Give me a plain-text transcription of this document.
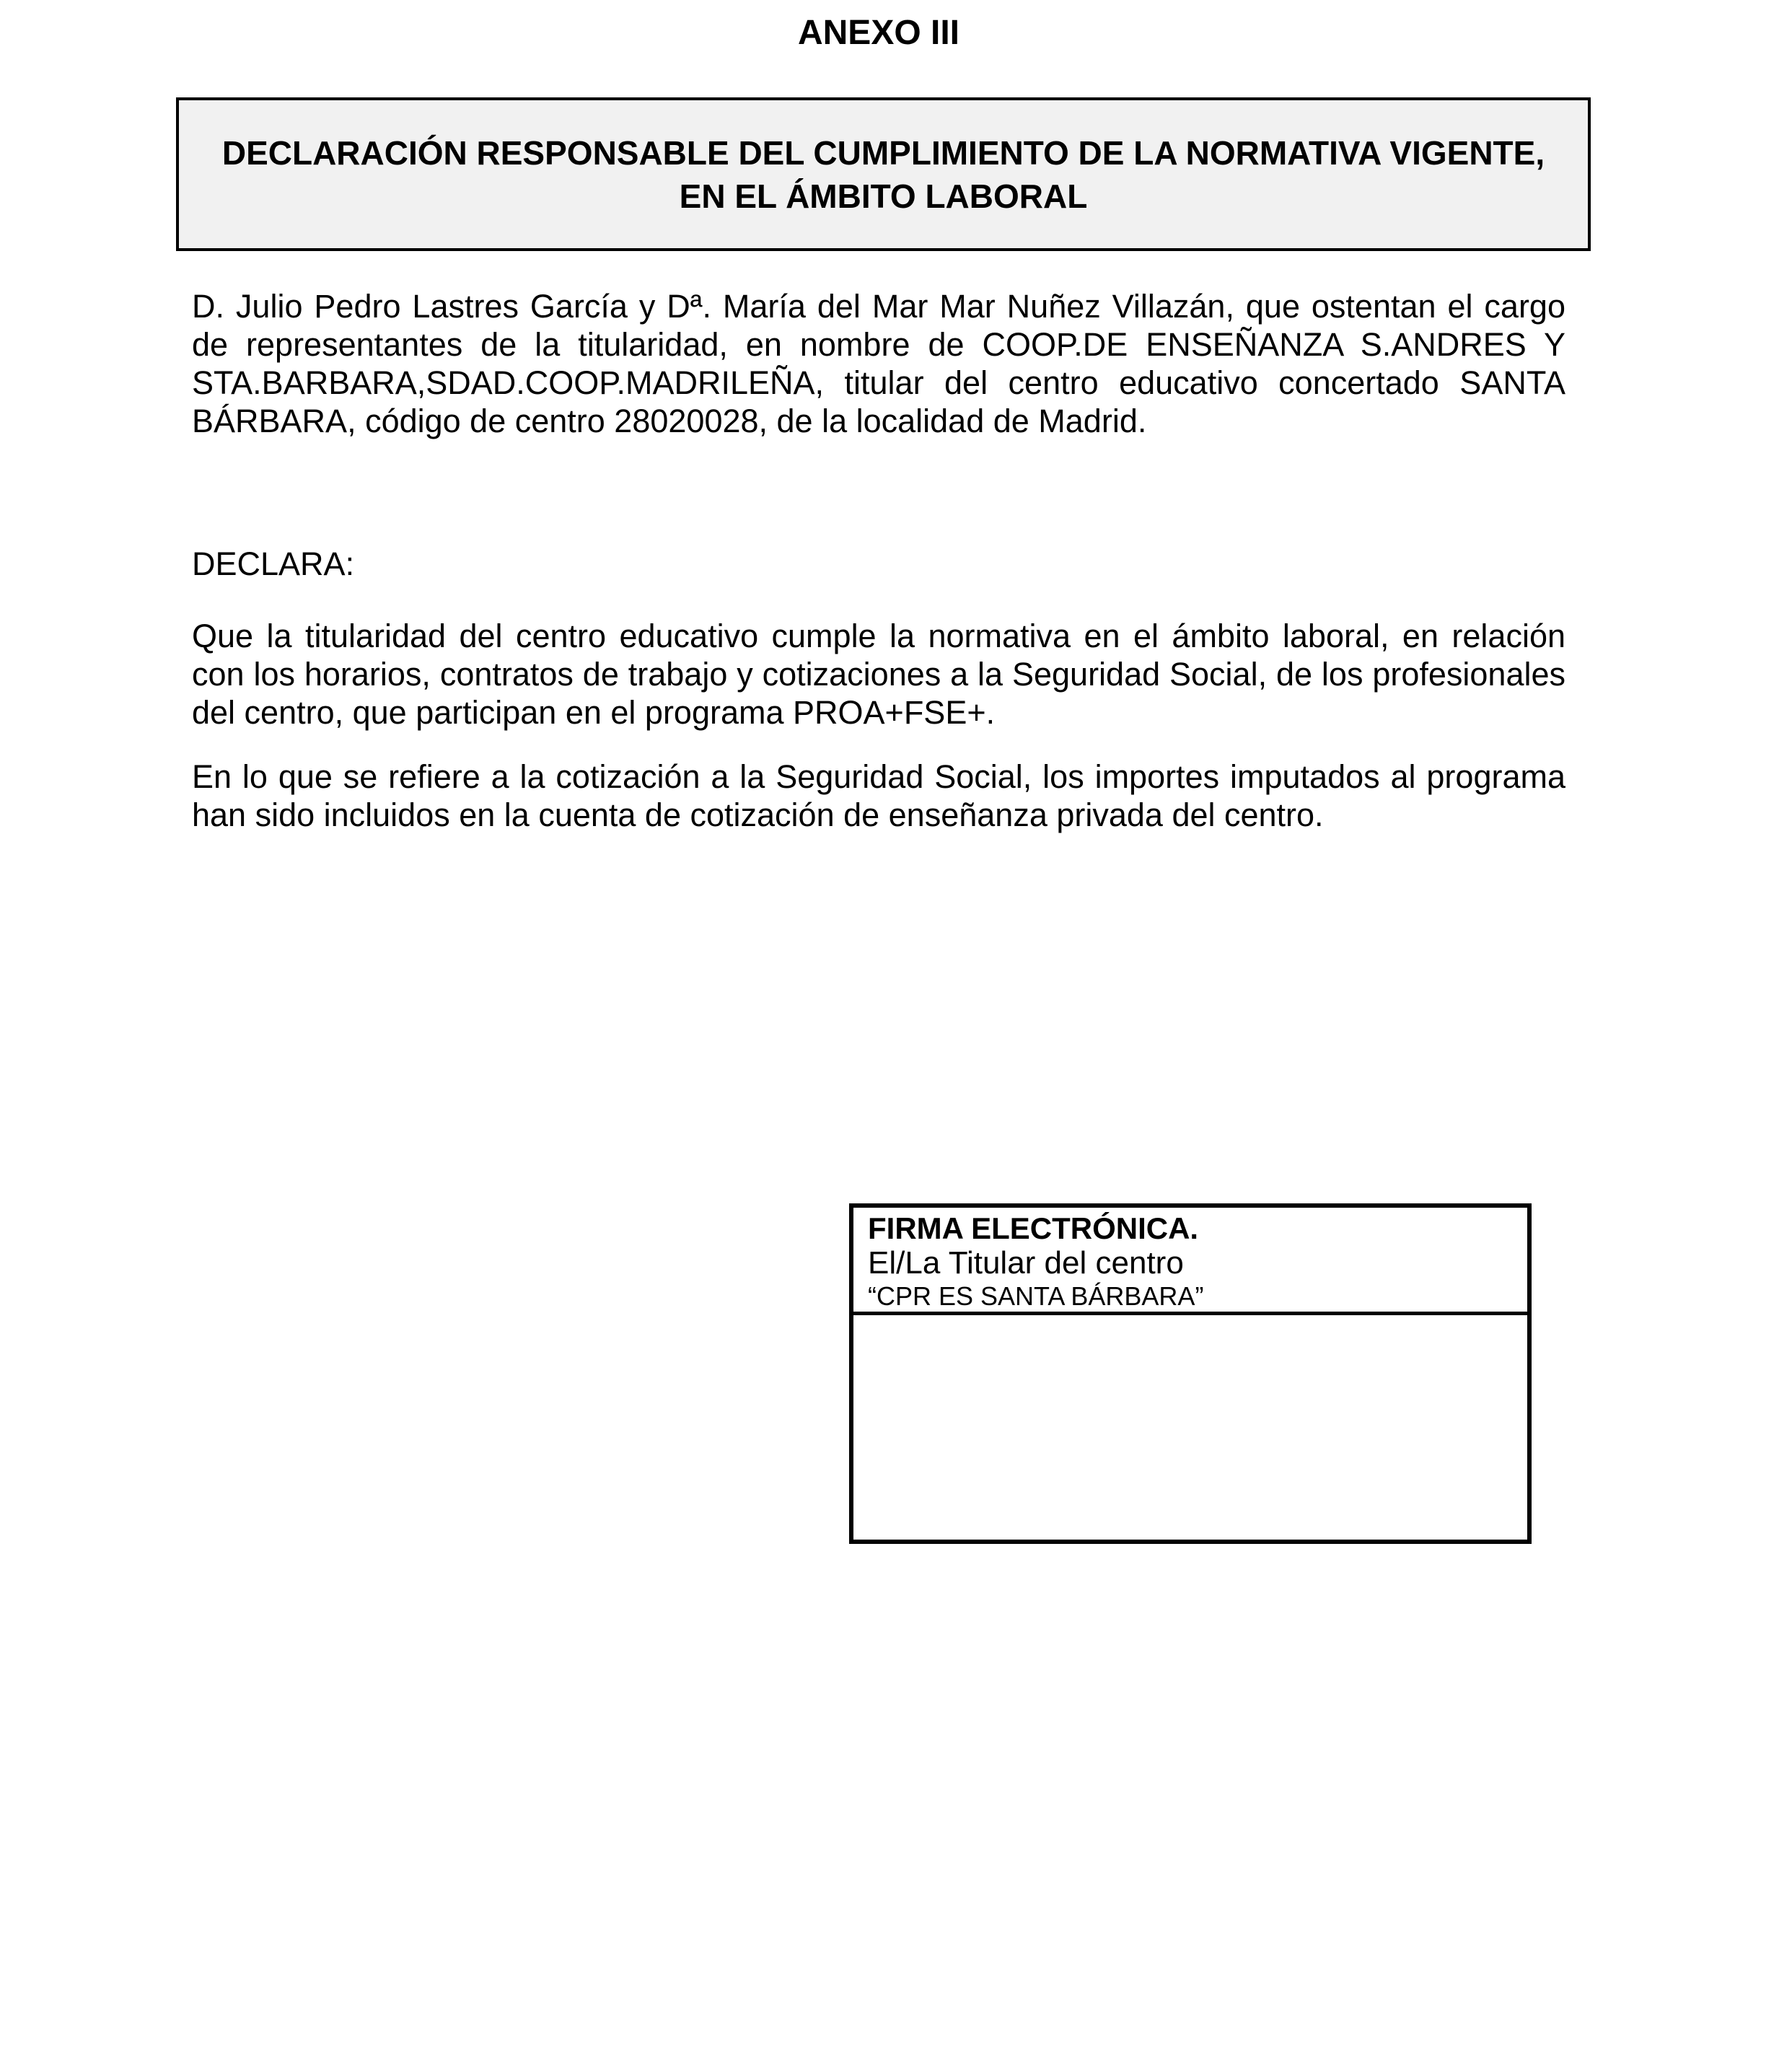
ANEXO III
DECLARACIÓN RESPONSABLE DEL CUMPLIMIENTO DE LA NORMATIVA VIGENTE, EN EL ÁMBITO LABORAL
D. Julio Pedro Lastres García y Dª. María del Mar Mar Nuñez Villazán, que ostentan el cargo de representantes de la titularidad, en nombre de COOP.DE ENSEÑANZA S.ANDRES Y STA.BARBARA,SDAD.COOP.MADRILEÑA, titular del centro educativo concertado SANTA BÁRBARA, código de centro 28020028, de la localidad de Madrid.
DECLARA:
Que la titularidad del centro educativo cumple la normativa en el ámbito laboral, en relación con los horarios, contratos de trabajo y cotizaciones a la Seguridad Social, de los profesionales del centro, que participan en el programa PROA+FSE+.
En lo que se refiere a la cotización a la Seguridad Social, los importes imputados al programa han sido incluidos en la cuenta de cotización de enseñanza privada del centro.
FIRMA ELECTRÓNICA.
El/La Titular del centro
“CPR ES SANTA BÁRBARA”
